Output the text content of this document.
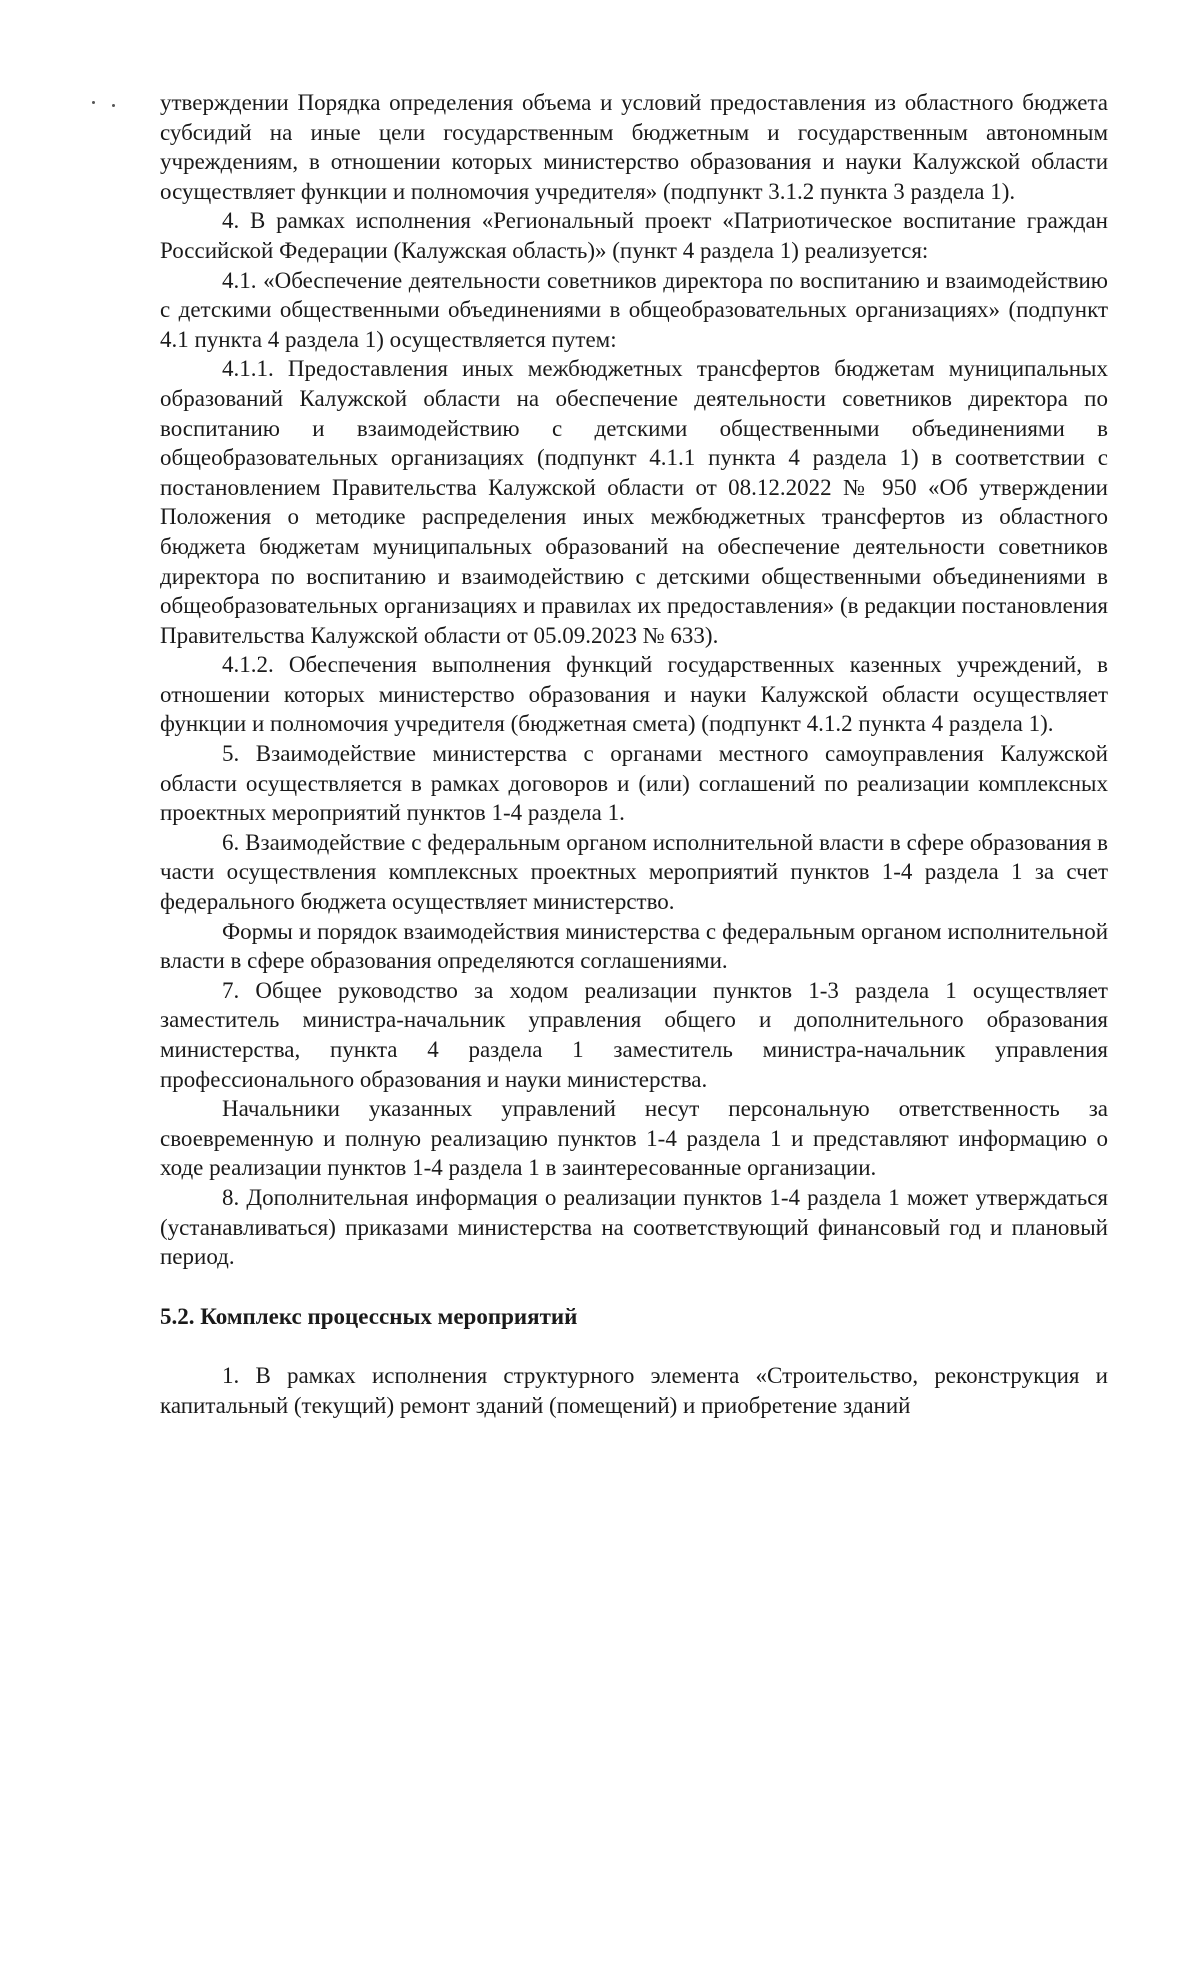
утверждении Порядка определения объема и условий предоставления из областного бюджета субсидий на иные цели государственным бюджетным и государственным автономным учреждениям, в отношении которых министерство образования и науки Калужской области осуществляет функции и полномочия учредителя» (подпункт 3.1.2 пункта 3 раздела 1).

4. В рамках исполнения «Региональный проект «Патриотическое воспитание граждан Российской Федерации (Калужская область)» (пункт 4 раздела 1) реализуется:

4.1. «Обеспечение деятельности советников директора по воспитанию и взаимодействию с детскими общественными объединениями в общеобразовательных организациях» (подпункт 4.1 пункта 4 раздела 1) осуществляется путем:

4.1.1. Предоставления иных межбюджетных трансфертов бюджетам муниципальных образований Калужской области на обеспечение деятельности советников директора по воспитанию и взаимодействию с детскими общественными объединениями в общеобразовательных организациях (подпункт 4.1.1 пункта 4 раздела 1) в соответствии с постановлением Правительства Калужской области от 08.12.2022 № 950 «Об утверждении Положения о методике распределения иных межбюджетных трансфертов из областного бюджета бюджетам муниципальных образований на обеспечение деятельности советников директора по воспитанию и взаимодействию с детскими общественными объединениями в общеобразовательных организациях и правилах их предоставления» (в редакции постановления Правительства Калужской области от 05.09.2023 № 633).

4.1.2. Обеспечения выполнения функций государственных казенных учреждений, в отношении которых министерство образования и науки Калужской области осуществляет функции и полномочия учредителя (бюджетная смета) (подпункт 4.1.2 пункта 4 раздела 1).

5. Взаимодействие министерства с органами местного самоуправления Калужской области осуществляется в рамках договоров и (или) соглашений по реализации комплексных проектных мероприятий пунктов 1-4 раздела 1.

6. Взаимодействие с федеральным органом исполнительной власти в сфере образования в части осуществления комплексных проектных мероприятий пунктов 1-4 раздела 1 за счет федерального бюджета осуществляет министерство.

Формы и порядок взаимодействия министерства с федеральным органом исполнительной власти в сфере образования определяются соглашениями.

7. Общее руководство за ходом реализации пунктов 1-3 раздела 1 осуществляет заместитель министра-начальник управления общего и дополнительного образования министерства, пункта 4 раздела 1 заместитель министра-начальник управления профессионального образования и науки министерства.

Начальники указанных управлений несут персональную ответственность за своевременную и полную реализацию пунктов 1-4 раздела 1 и представляют информацию о ходе реализации пунктов 1-4 раздела 1 в заинтересованные организации.

8. Дополнительная информация о реализации пунктов 1-4 раздела 1 может утверждаться (устанавливаться) приказами министерства на соответствующий финансовый год и плановый период.

5.2. Комплекс процессных мероприятий

1. В рамках исполнения структурного элемента «Строительство, реконструкция и капитальный (текущий) ремонт зданий (помещений) и приобретение зданий
